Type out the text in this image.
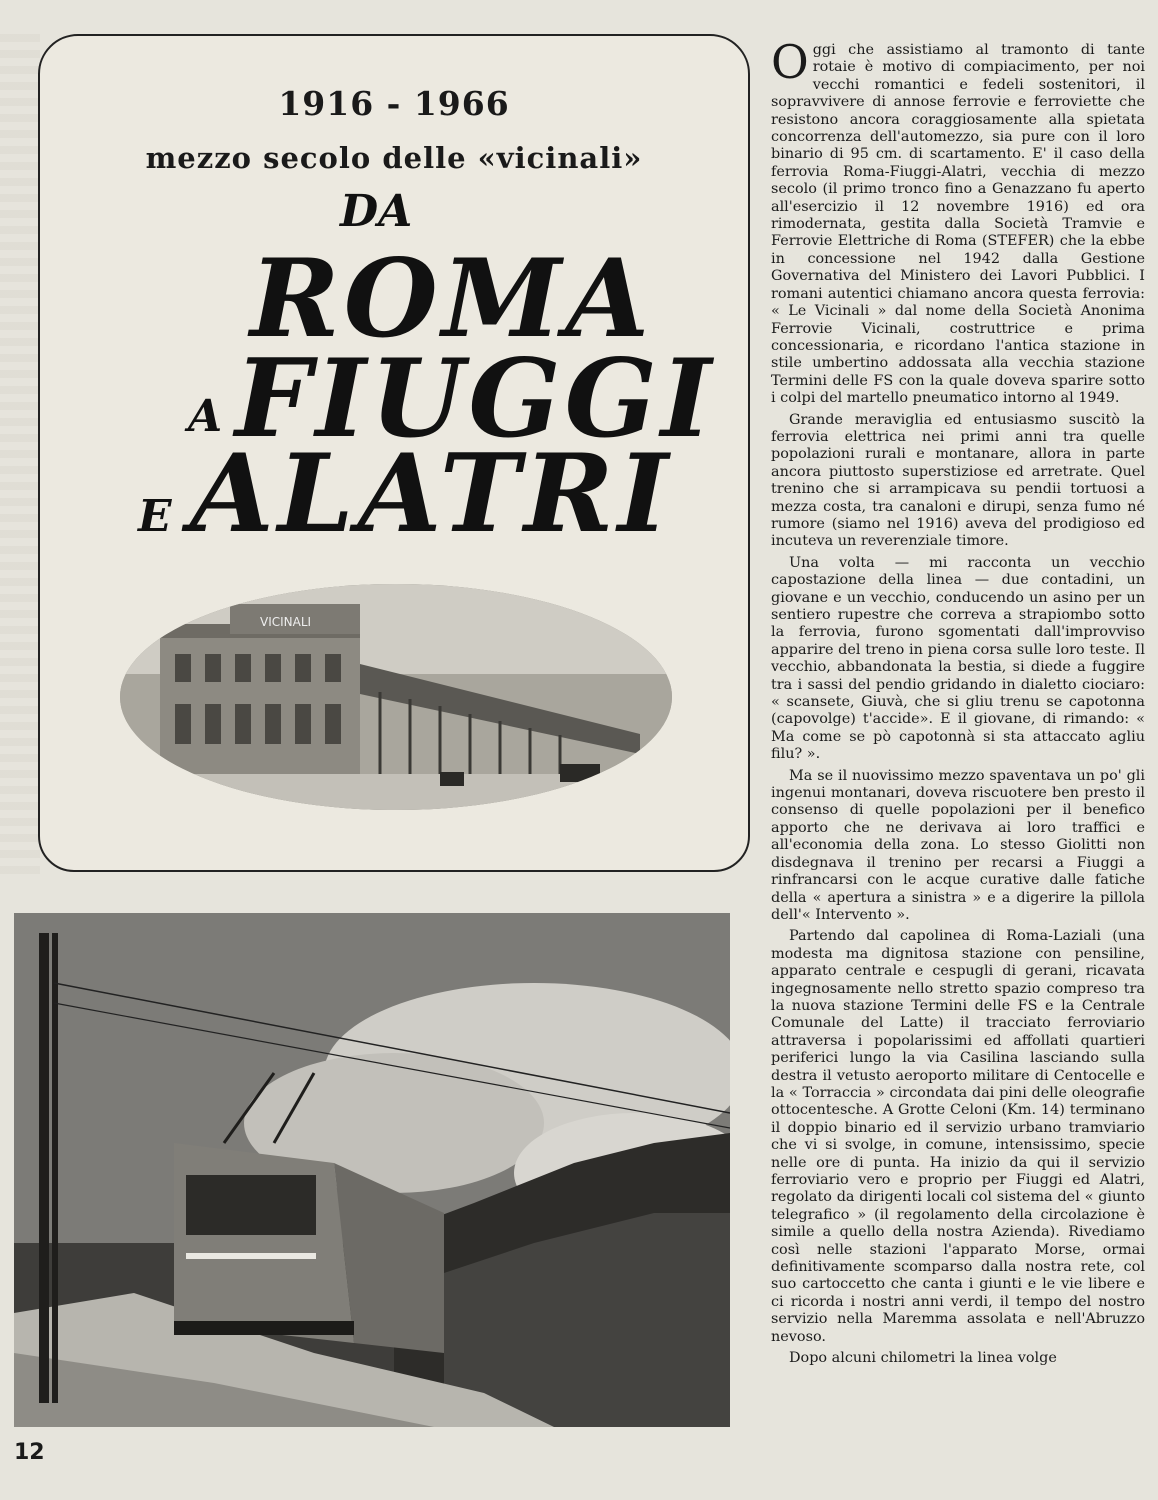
1916 - 1966
mezzo secolo delle «vicinali»
DA
ROMA
A FIUGGI
E ALATRI
VICINALI

Oggi che assistiamo al tramonto di tante rotaie è motivo di compiacimento, per noi vecchi romantici e fedeli sostenitori, il sopravvivere di annose ferrovie e ferroviette che resistono ancora coraggiosamente alla spietata concorrenza dell'automezzo, sia pure con il loro binario di 95 cm. di scartamento. E' il caso della ferrovia Roma-Fiuggi-Alatri, vecchia di mezzo secolo (il primo tronco fino a Genazzano fu aperto all'esercizio il 12 novembre 1916) ed ora rimodernata, gestita dalla Società Tramvie e Ferrovie Elettriche di Roma (STEFER) che la ebbe in concessione nel 1942 dalla Gestione Governativa del Ministero dei Lavori Pubblici. I romani autentici chiamano ancora questa ferrovia: « Le Vicinali » dal nome della Società Anonima Ferrovie Vicinali, costruttrice e prima concessionaria, e ricordano l'antica stazione in stile umbertino addossata alla vecchia stazione Termini delle FS con la quale doveva sparire sotto i colpi del martello pneumatico intorno al 1949.

Grande meraviglia ed entusiasmo suscitò la ferrovia elettrica nei primi anni tra quelle popolazioni rurali e montanare, allora in parte ancora piuttosto superstiziose ed arretrate. Quel trenino che si arrampicava su pendii tortuosi a mezza costa, tra canaloni e dirupi, senza fumo né rumore (siamo nel 1916) aveva del prodigioso ed incuteva un reverenziale timore.

Una volta — mi racconta un vecchio capostazione della linea — due contadini, un giovane e un vecchio, conducendo un asino per un sentiero rupestre che correva a strapiombo sotto la ferrovia, furono sgomentati dall'improvviso apparire del treno in piena corsa sulle loro teste. Il vecchio, abbandonata la bestia, si diede a fuggire tra i sassi del pendio gridando in dialetto ciociaro: « scansete, Giuvà, che si gliu trenu se capotonna (capovolge) t'accide». E il giovane, di rimando: « Ma come se pò capotonnà si sta attaccato agliu filu? ».

Ma se il nuovissimo mezzo spaventava un po' gli ingenui montanari, doveva riscuotere ben presto il consenso di quelle popolazioni per il benefico apporto che ne derivava ai loro traffici e all'economia della zona. Lo stesso Giolitti non disdegnava il trenino per recarsi a Fiuggi a rinfrancarsi con le acque curative dalle fatiche della « apertura a sinistra » e a digerire la pillola dell'« Intervento ».

Partendo dal capolinea di Roma-Laziali (una modesta ma dignitosa stazione con pensiline, apparato centrale e cespugli di gerani, ricavata ingegnosamente nello stretto spazio compreso tra la nuova stazione Termini delle FS e la Centrale Comunale del Latte) il tracciato ferroviario attraversa i popolarissimi ed affollati quartieri periferici lungo la via Casilina lasciando sulla destra il vetusto aeroporto militare di Centocelle e la « Torraccia » circondata dai pini delle oleografie ottocentesche. A Grotte Celoni (Km. 14) terminano il doppio binario ed il servizio urbano tramviario che vi si svolge, in comune, intensissimo, specie nelle ore di punta. Ha inizio da qui il servizio ferroviario vero e proprio per Fiuggi ed Alatri, regolato da dirigenti locali col sistema del « giunto telegrafico » (il regolamento della circolazione è simile a quello della nostra Azienda). Rivediamo così nelle stazioni l'apparato Morse, ormai definitivamente scomparso dalla nostra rete, col suo cartoccetto che canta i giunti e le vie libere e ci ricorda i nostri anni verdi, il tempo del nostro servizio nella Maremma assolata e nell'Abruzzo nevoso.

Dopo alcuni chilometri la linea volge

12
